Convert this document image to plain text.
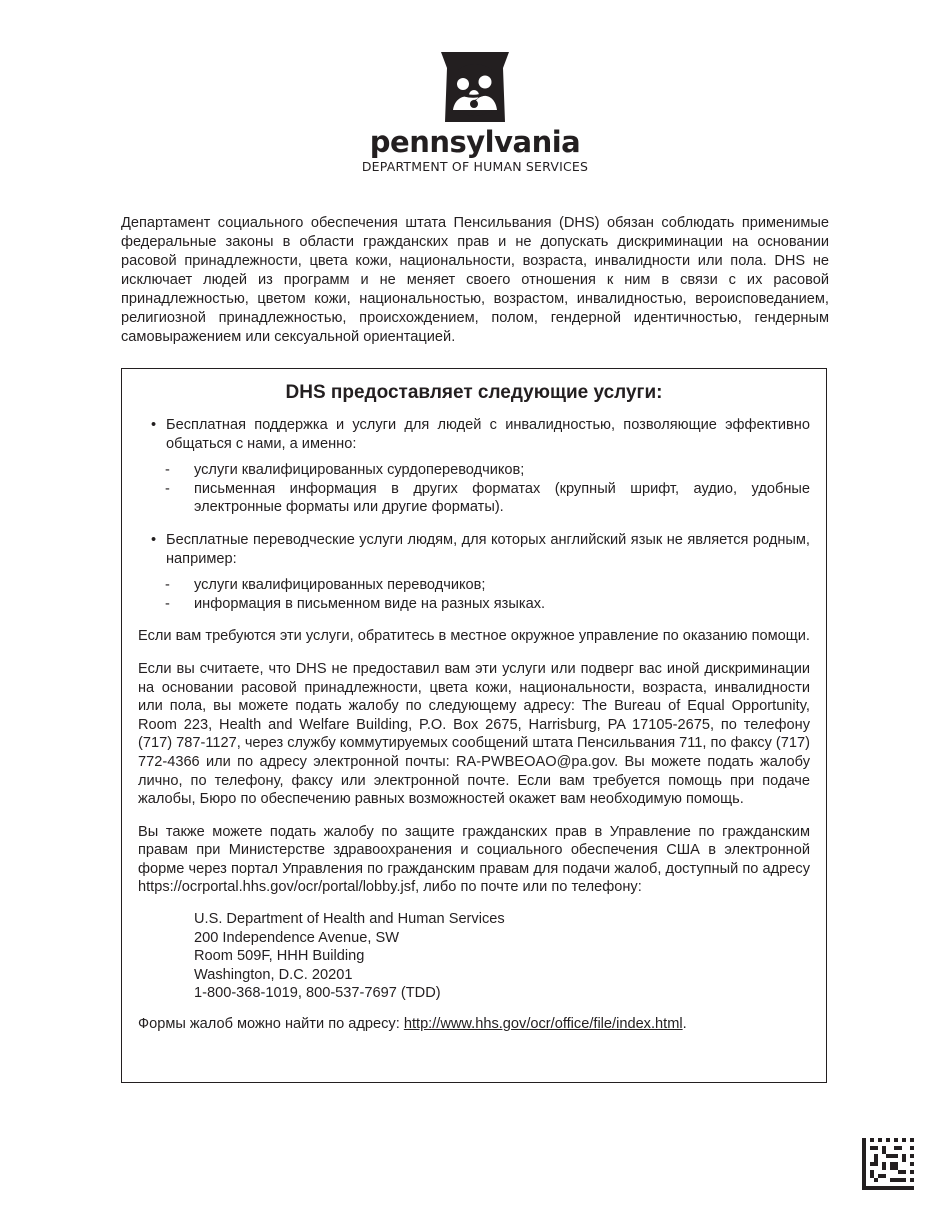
pennsylvania
DEPARTMENT OF HUMAN SERVICES

Департамент социального обеспечения штата Пенсильвания (DHS) обязан соблюдать применимые федеральные законы в области гражданских прав и не допускать дискриминации на основании расовой принадлежности, цвета кожи, национальности, возраста, инвалидности или пола. DHS не исключает людей из программ и не меняет своего отношения к ним в связи с их расовой принадлежностью, цветом кожи, национальностью, возрастом, инвалидностью, вероисповеданием, религиозной принадлежностью, происхождением, полом, гендерной идентичностью, гендерным самовыражением или сексуальной ориентацией.

DHS предоставляет следующие услуги:
• Бесплатная поддержка и услуги для людей с инвалидностью, позволяющие эффективно общаться с нами, а именно:
- услуги квалифицированных сурдопереводчиков;
- письменная информация в других форматах (крупный шрифт, аудио, удобные электронные форматы или другие форматы).
• Бесплатные переводческие услуги людям, для которых английский язык не является родным, например:
- услуги квалифицированных переводчиков;
- информация в письменном виде на разных языках.

Если вам требуются эти услуги, обратитесь в местное окружное управление по оказанию помощи.

Если вы считаете, что DHS не предоставил вам эти услуги или подверг вас иной дискриминации на основании расовой принадлежности, цвета кожи, национальности, возраста, инвалидности или пола, вы можете подать жалобу по следующему адресу: The Bureau of Equal Opportunity, Room 223, Health and Welfare Building, P.O. Box 2675, Harrisburg, PA 17105-2675, по телефону (717) 787-1127, через службу коммутируемых сообщений штата Пенсильвания 711, по факсу (717) 772-4366 или по адресу электронной почты: RA-PWBEOAO@pa.gov. Вы можете подать жалобу лично, по телефону, факсу или электронной почте. Если вам требуется помощь при подаче жалобы, Бюро по обеспечению равных возможностей окажет вам необходимую помощь.

Вы также можете подать жалобу по защите гражданских прав в Управление по гражданским правам при Министерстве здравоохранения и социального обеспечения США в электронной форме через портал Управления по гражданским правам для подачи жалоб, доступный по адресу https://ocrportal.hhs.gov/ocr/portal/lobby.jsf, либо по почте или по телефону:

U.S. Department of Health and Human Services

200 Independence Avenue, SW

Room 509F, HHH Building

Washington, D.C. 20201

1-800-368-1019, 800-537-7697 (TDD)

Формы жалоб можно найти по адресу: http://www.hhs.gov/ocr/office/file/index.html.
